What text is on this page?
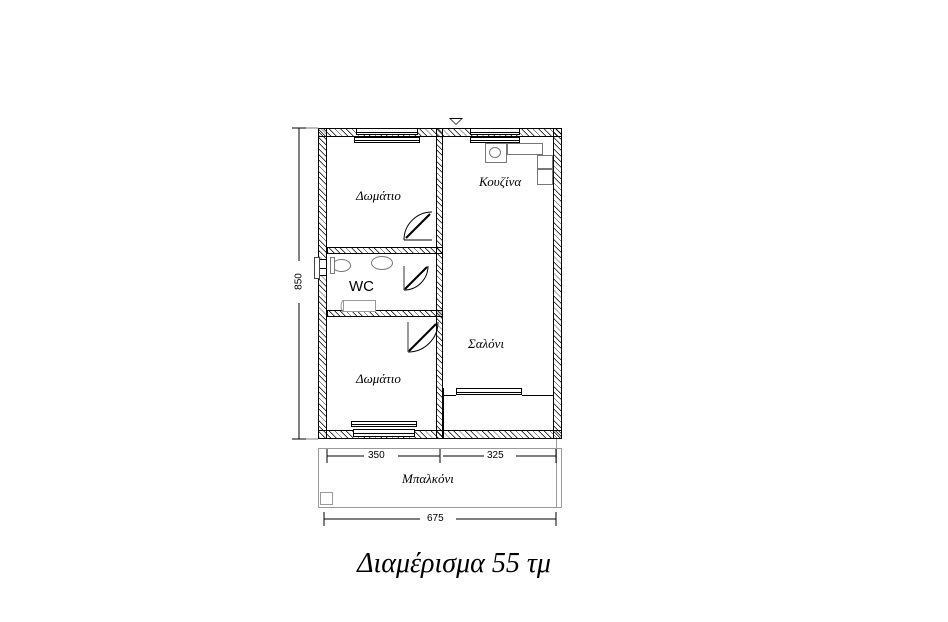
Δωμάτιο
Κουζίνα
WC
Σαλόνι
Δωμάτιο
Μπαλκόνι
850
350	325
675
Διαμέρισμα 55 τμ
